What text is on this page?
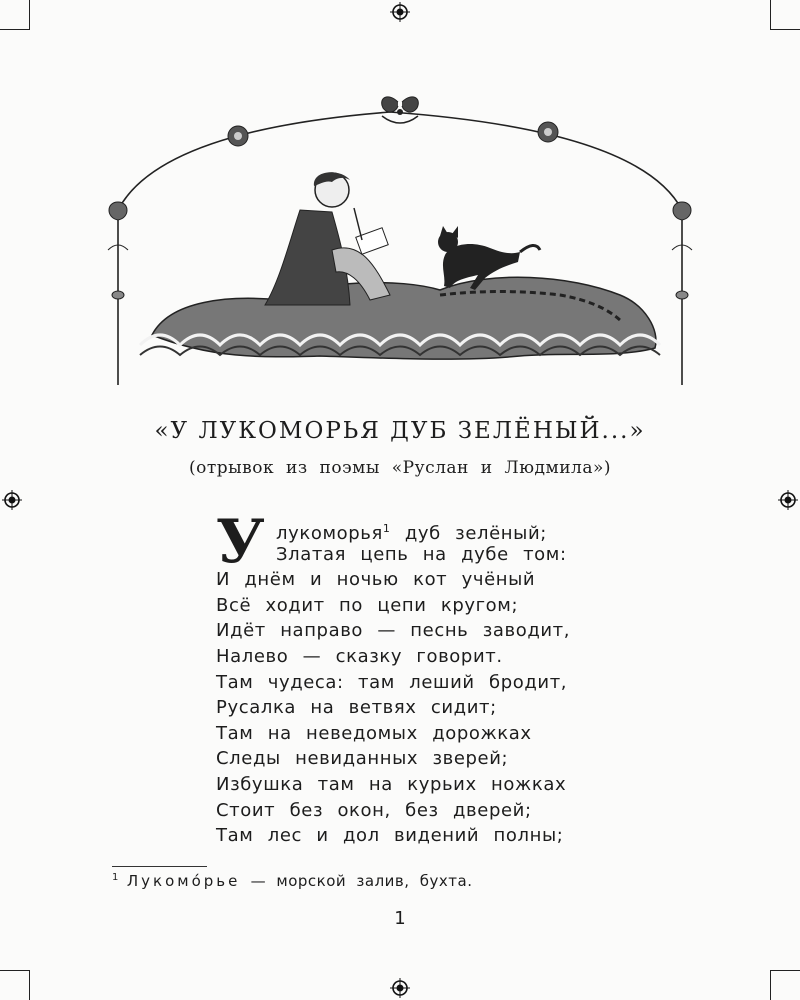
«У ЛУКОМОРЬЯ ДУБ ЗЕЛЁНЫЙ...»
(отрывок из поэмы «Руслан и Людмила»)
У лукоморья$^1$ дуб зелёный;
Златая цепь на дубе том:
И днём и ночью кот учёный
Всё ходит по цепи кругом;
Идёт направо — песнь заводит,
Налево — сказку говорит.
Там чудеса: там леший бродит,
Русалка на ветвях сидит;
Там на неведомых дорожках
Следы невиданных зверей;
Избушка там на курьих ножках
Стоит без окон, без дверей;
Там лес и дол видений полны;
$^1$ Лукомо́рье — морской залив, бухта.
1
